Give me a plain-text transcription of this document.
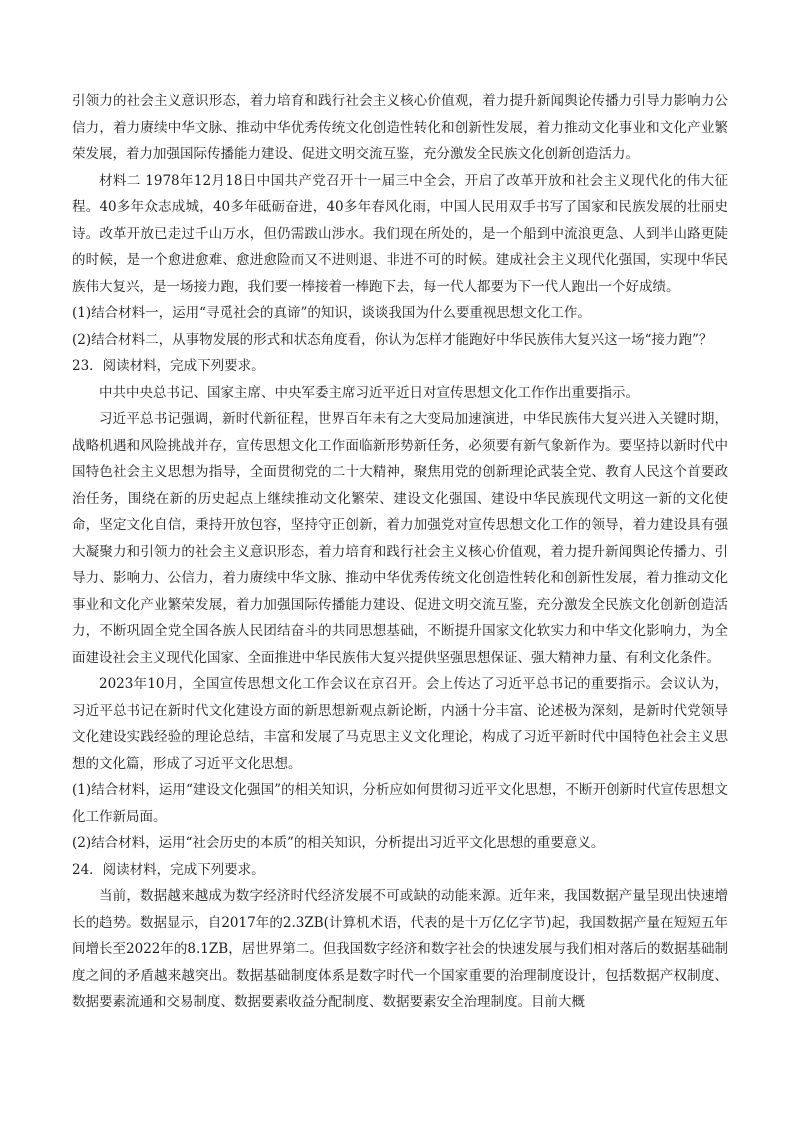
引领力的社会主义意识形态，着力培育和践行社会主义核心价值观，着力提升新闻舆论传播力引导力影响力公信力，着力赓续中华文脉、推动中华优秀传统文化创造性转化和创新性发展，着力推动文化事业和文化产业繁荣发展，着力加强国际传播能力建设、促进文明交流互鉴，充分激发全民族文化创新创造活力。

材料二 1978年12月18日中国共产党召开十一届三中全会，开启了改革开放和社会主义现代化的伟大征程。40多年众志成城，40多年砥砺奋进，40多年春风化雨，中国人民用双手书写了国家和民族发展的壮丽史诗。改革开放已走过千山万水，但仍需跋山涉水。我们现在所处的，是一个船到中流浪更急、人到半山路更陡的时候，是一个愈进愈难、愈进愈险而又不进则退、非进不可的时候。建成社会主义现代化强国，实现中华民族伟大复兴，是一场接力跑，我们要一棒接着一棒跑下去，每一代人都要为下一代人跑出一个好成绩。

(1)结合材料一，运用“寻觅社会的真谛”的知识，谈谈我国为什么要重视思想文化工作。

(2)结合材料二，从事物发展的形式和状态角度看，你认为怎样才能跑好中华民族伟大复兴这一场“接力跑”？

23．阅读材料，完成下列要求。

中共中央总书记、国家主席、中央军委主席习近平近日对宣传思想文化工作作出重要指示。

习近平总书记强调，新时代新征程，世界百年未有之大变局加速演进，中华民族伟大复兴进入关键时期，战略机遇和风险挑战并存，宣传思想文化工作面临新形势新任务，必须要有新气象新作为。要坚持以新时代中国特色社会主义思想为指导，全面贯彻党的二十大精神，聚焦用党的创新理论武装全党、教育人民这个首要政治任务，围绕在新的历史起点上继续推动文化繁荣、建设文化强国、建设中华民族现代文明这一新的文化使命，坚定文化自信，秉持开放包容，坚持守正创新，着力加强党对宣传思想文化工作的领导，着力建设具有强大凝聚力和引领力的社会主义意识形态，着力培育和践行社会主义核心价值观，着力提升新闻舆论传播力、引导力、影响力、公信力，着力赓续中华文脉、推动中华优秀传统文化创造性转化和创新性发展，着力推动文化事业和文化产业繁荣发展，着力加强国际传播能力建设、促进文明交流互鉴，充分激发全民族文化创新创造活力，不断巩固全党全国各族人民团结奋斗的共同思想基础，不断提升国家文化软实力和中华文化影响力，为全面建设社会主义现代化国家、全面推进中华民族伟大复兴提供坚强思想保证、强大精神力量、有利文化条件。

2023年10月，全国宣传思想文化工作会议在京召开。会上传达了习近平总书记的重要指示。会议认为，习近平总书记在新时代文化建设方面的新思想新观点新论断，内涵十分丰富、论述极为深刻，是新时代党领导文化建设实践经验的理论总结，丰富和发展了马克思主义文化理论，构成了习近平新时代中国特色社会主义思想的文化篇，形成了习近平文化思想。

(1)结合材料，运用“建设文化强国”的相关知识，分析应如何贯彻习近平文化思想，不断开创新时代宣传思想文化工作新局面。

(2)结合材料，运用“社会历史的本质”的相关知识，分析提出习近平文化思想的重要意义。

24．阅读材料，完成下列要求。

当前，数据越来越成为数字经济时代经济发展不可或缺的动能来源。近年来，我国数据产量呈现出快速增长的趋势。数据显示，自2017年的2.3ZB(计算机术语，代表的是十万亿亿字节)起，我国数据产量在短短五年间增长至2022年的8.1ZB，居世界第二。但我国数字经济和数字社会的快速发展与我们相对落后的数据基础制度之间的矛盾越来越突出。数据基础制度体系是数字时代一个国家重要的治理制度设计，包括数据产权制度、数据要素流通和交易制度、数据要素收益分配制度、数据要素安全治理制度。目前大概
